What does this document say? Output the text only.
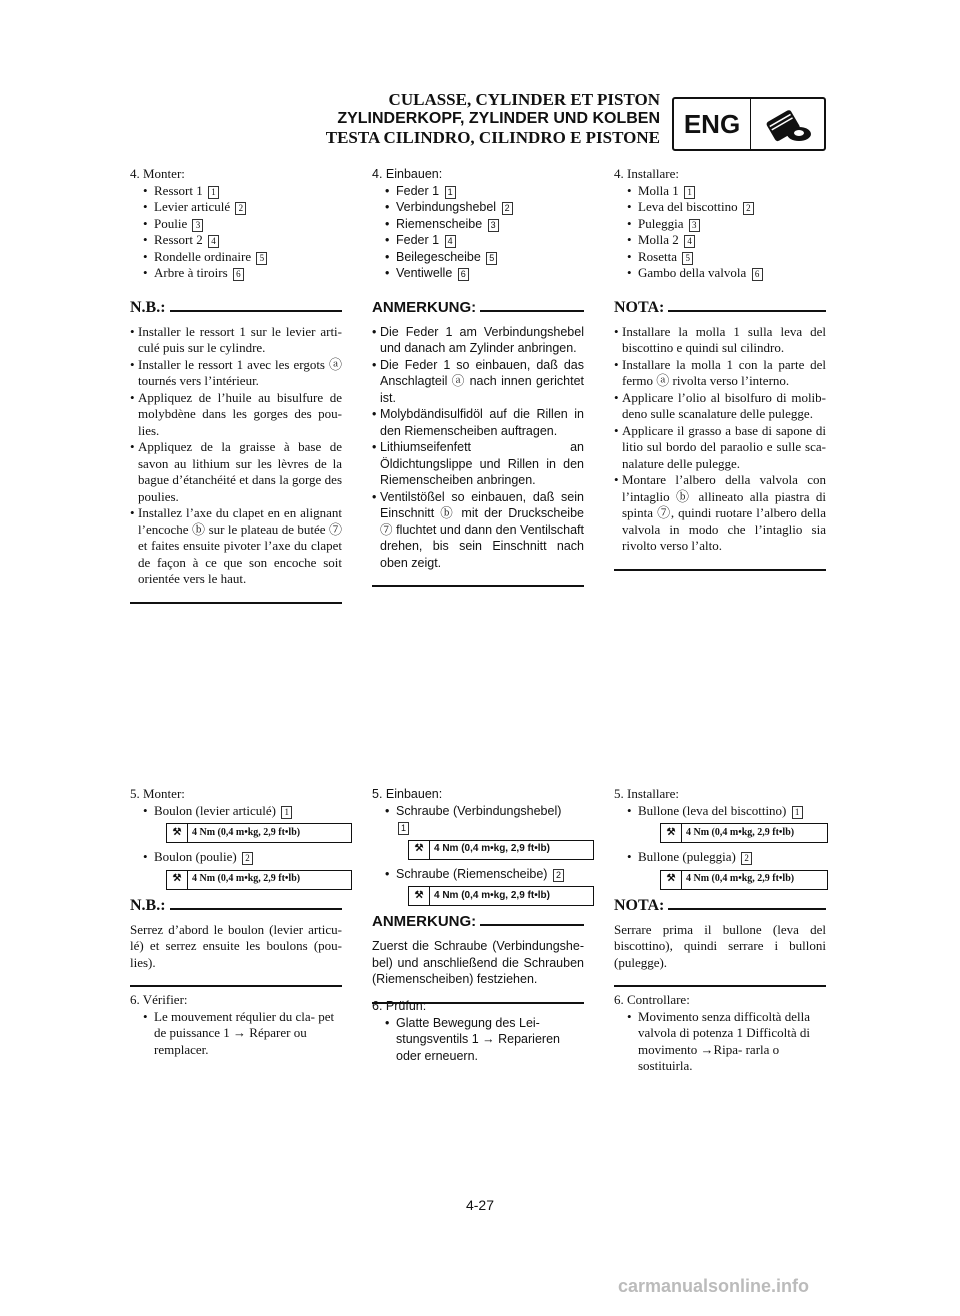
CULASSE, CYLINDER ET PISTON
ZYLINDERKOPF, ZYLINDER UND KOLBEN
TESTA CILINDRO, CILINDRO E PISTONE ENG
4. Monter:
• Ressort 1 1
• Levier articulé 2
• Poulie 3
• Ressort 2 4
• Rondelle ordinaire 5
• Arbre à tiroirs 6
N.B.:
• Installer le ressort 1 sur le levier arti- culé puis sur le cylindre.
• Installer le ressort 1 avec les ergots ⓐ tournés vers l’intérieur.
• Appliquez de l’huile au bisulfure de molybdène dans les gorges des pou- lies.
• Appliquez de la graisse à base de savon au lithium sur les lèvres de la bague d’étanchéité et dans la gorge des poulies.
• Installez l’axe du clapet en en alignant l’encoche ⓑ sur le plateau de butée ⑦ et faites ensuite pivoter l’axe du clapet de façon à ce que son encoche soit orientée vers le haut.
4. Einbauen:
• Feder 1 1
• Verbindungshebel 2
• Riemenscheibe 3
• Feder 1 4
• Beilegescheibe 5
• Ventiwelle 6
ANMERKUNG:
• Die Feder 1 am Verbindungshebel und danach am Zylinder anbringen.
• Die Feder 1 so einbauen, daß das Anschlagteil ⓐ nach innen gerichtet ist.
• Molybdändisulfidöl auf die Rillen in den Riemenscheiben auftragen.
• Lithiumseifenfett an Öldichtungslippe und Rillen in den Riemenscheiben anbringen.
• Ventilstößel so einbauen, daß sein Einschnitt ⓑ mit der Druckscheibe ⑦ fluchtet und dann den Ventilschaft drehen, bis sein Einschnitt nach oben zeigt.
4. Installare:
• Molla 1 1
• Leva del biscottino 2
• Puleggia 3
• Molla 2 4
• Rosetta 5
• Gambo della valvola 6
NOTA:
• Installare la molla 1 sulla leva del biscottino e quindi sul cilindro.
• Installare la molla 1 con la parte del fermo ⓐ rivolta verso l’interno.
• Applicare l’olio al bisolfuro di molib- deno sulle scanalature delle pulegge.
• Applicare il grasso a base di sapone di litio sul bordo del paraolio e sulle sca- nalature delle pulegge.
• Montare l’albero della valvola con l’intaglio ⓑ allineato alla piastra di spinta ⑦, quindi ruotare l’albero della valvola in modo che l’intaglio sia rivolto verso l’alto.
5. Monter:
• Boulon (levier articulé) 1
⚒	4 Nm (0,4 m•kg, 2,9 ft•lb)
• Boulon (poulie) 2
⚒	4 Nm (0,4 m•kg, 2,9 ft•lb)
N.B.:
Serrez d’abord le boulon (levier articu- lé) et serrez ensuite les boulons (pou- lies).
5. Einbauen:
• Schraube (Verbindungshebel)
1
⚒	4 Nm (0,4 m•kg, 2,9 ft•lb)
• Schraube (Riemenscheibe) 2
⚒	4 Nm (0,4 m•kg, 2,9 ft•lb)
ANMERKUNG:
Zuerst die Schraube (Verbindungshe- bel) und anschließend die Schrauben (Riemenscheiben) festziehen.
5. Installare:
• Bullone (leva del biscottino) 1
⚒	4 Nm (0,4 m•kg, 2,9 ft•lb)
• Bullone (puleggia) 2
⚒	4 Nm (0,4 m•kg, 2,9 ft•lb)
NOTA:
Serrare prima il bullone (leva del biscottino), quindi serrare i bulloni (pulegge).
6. Vérifier:
• Le mouvement réqulier du cla- pet de puissance 1 → Réparer ou remplacer.
6. Prüfun:
• Glatte Bewegung des Lei- stungsventils 1 → Reparieren oder erneuern.
6. Controllare:
• Movimento senza difficoltà della valvola di potenza 1 Difficoltà di movimento →Ripa- rarla o sostituirla.
4-27
carmanualsonline.info
